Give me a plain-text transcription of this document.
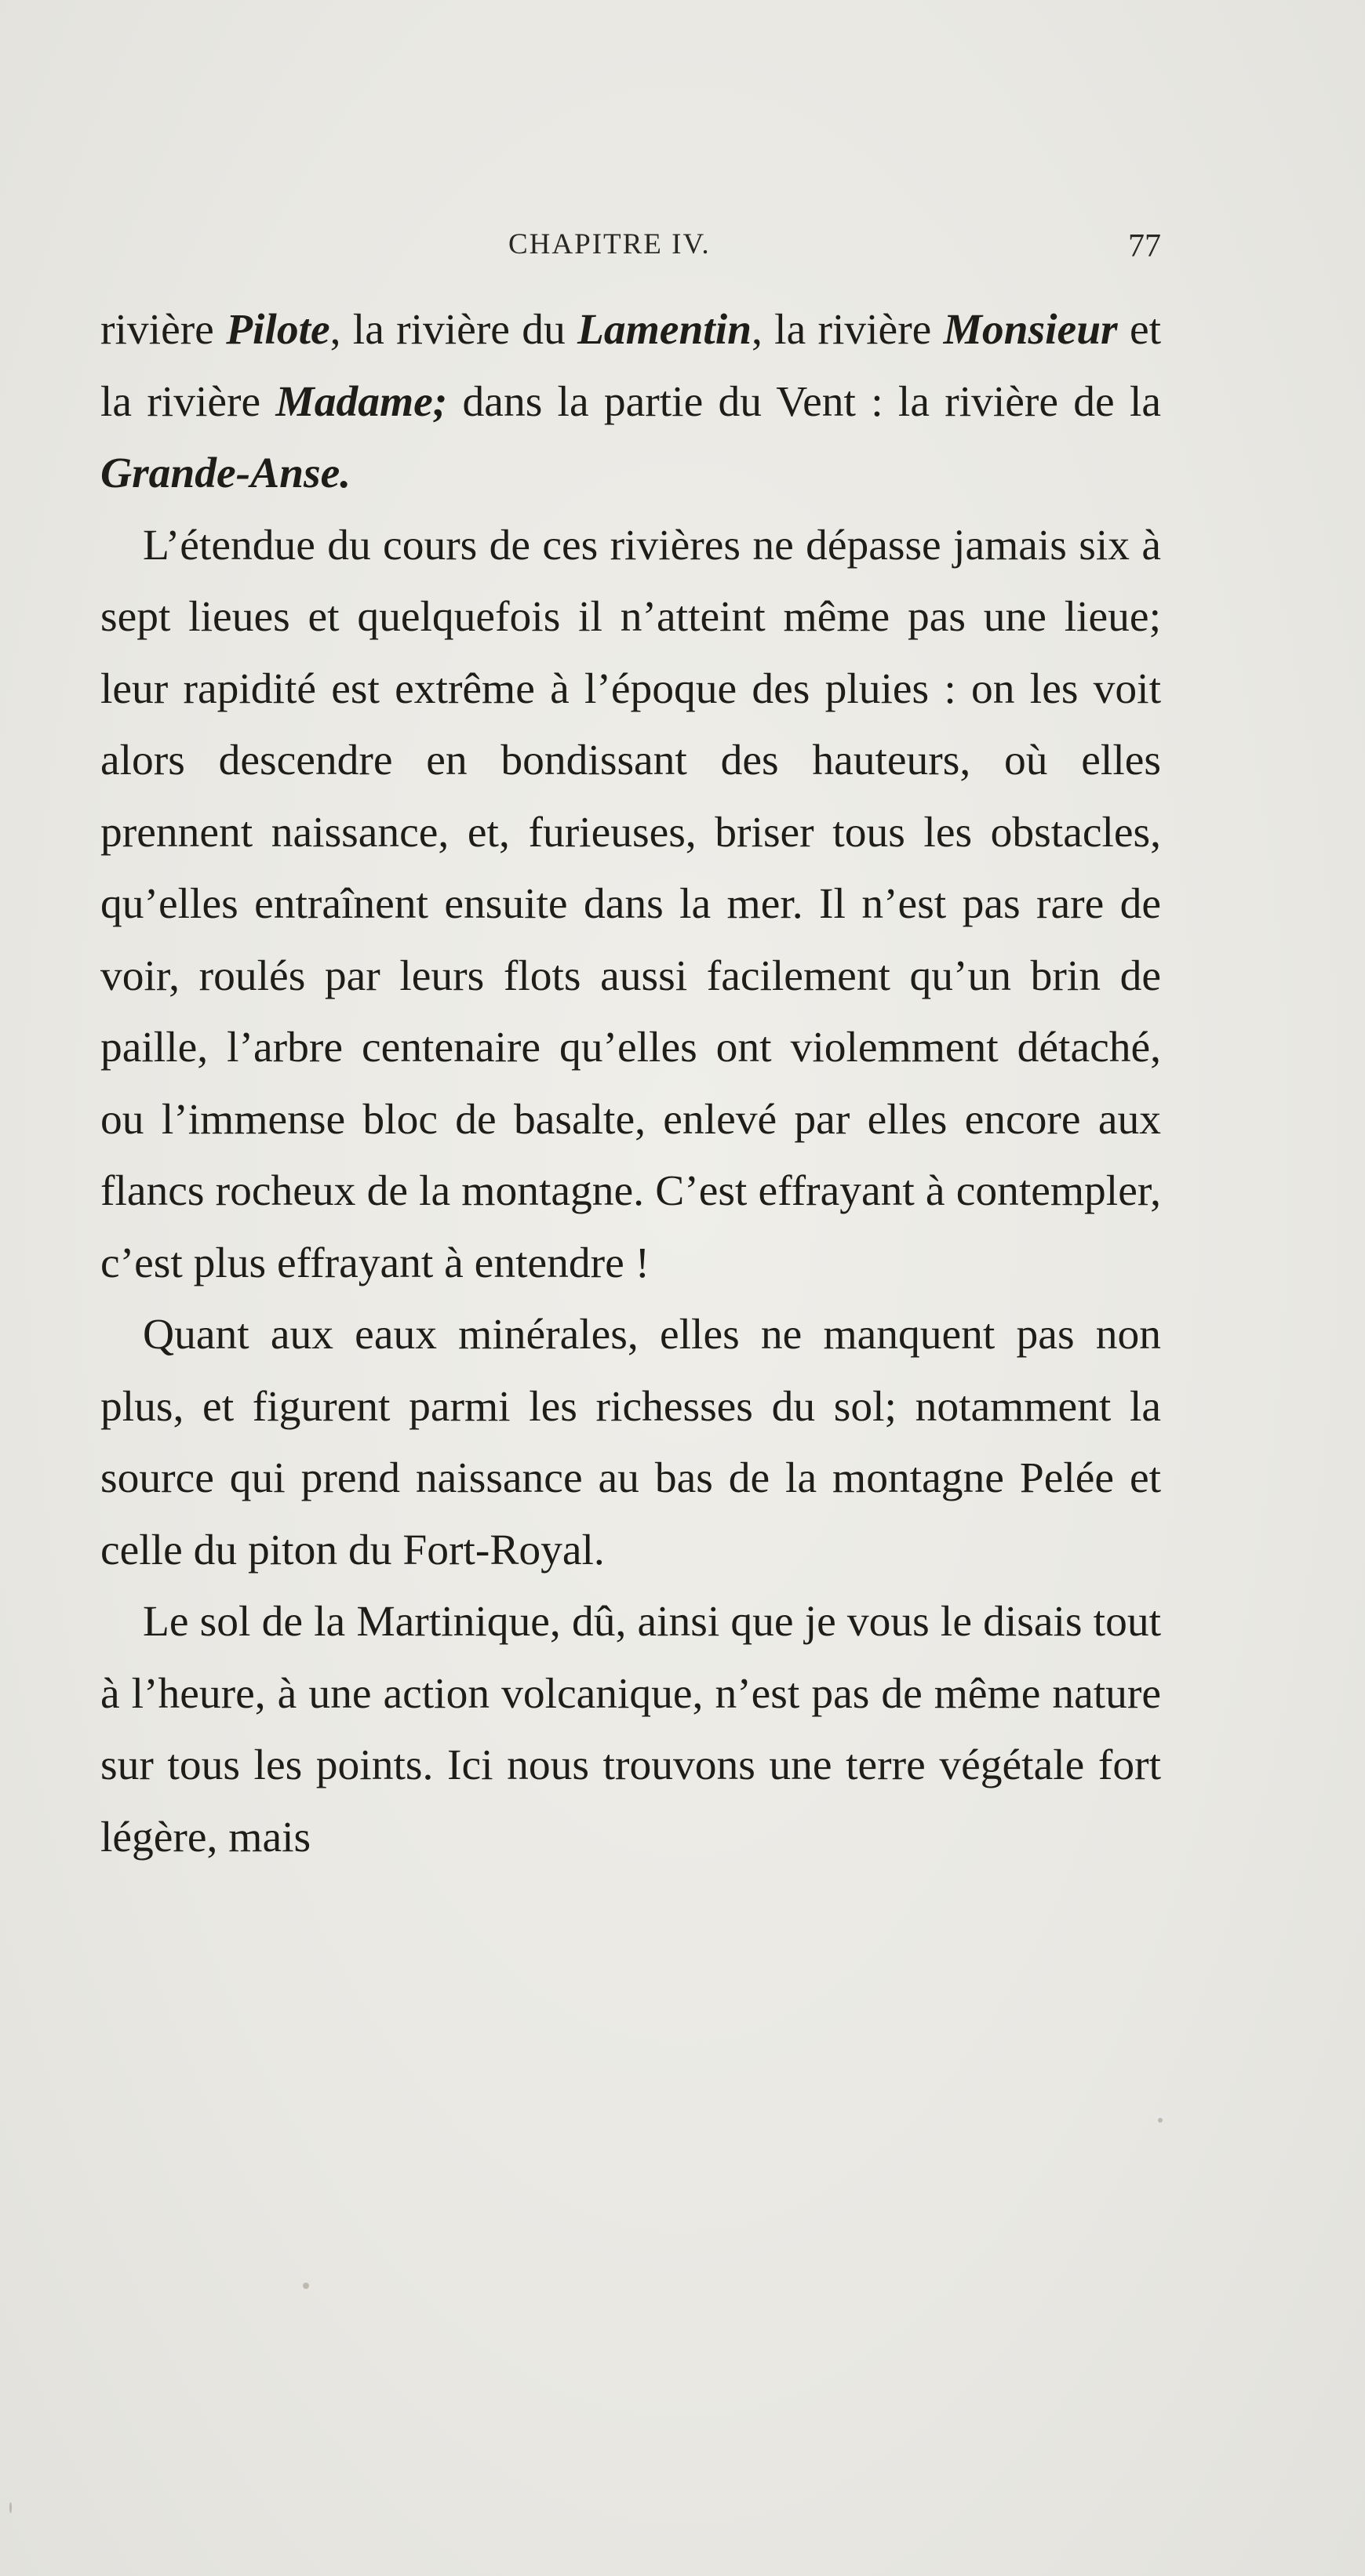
CHAPITRE IV.	77

rivière Pilote, la rivière du Lamentin, la rivière Monsieur et la rivière Madame; dans la partie du Vent : la rivière de la Grande-Anse.

L’étendue du cours de ces rivières ne dépasse jamais six à sept lieues et quelquefois il n’atteint même pas une lieue; leur rapidité est extrême à l’époque des pluies : on les voit alors descendre en bondissant des hauteurs, où elles prennent naissance, et, furieuses, briser tous les obstacles, qu’elles entraînent ensuite dans la mer. Il n’est pas rare de voir, roulés par leurs flots aussi facilement qu’un brin de paille, l’arbre centenaire qu’elles ont violemment détaché, ou l’immense bloc de basalte, enlevé par elles encore aux flancs rocheux de la montagne. C’est effrayant à contempler, c’est plus effrayant à entendre !

Quant aux eaux minérales, elles ne manquent pas non plus, et figurent parmi les richesses du sol; notamment la source qui prend naissance au bas de la montagne Pelée et celle du piton du Fort-Royal.

Le sol de la Martinique, dû, ainsi que je vous le disais tout à l’heure, à une action volcanique, n’est pas de même nature sur tous les points. Ici nous trouvons une terre végétale fort légère, mais
